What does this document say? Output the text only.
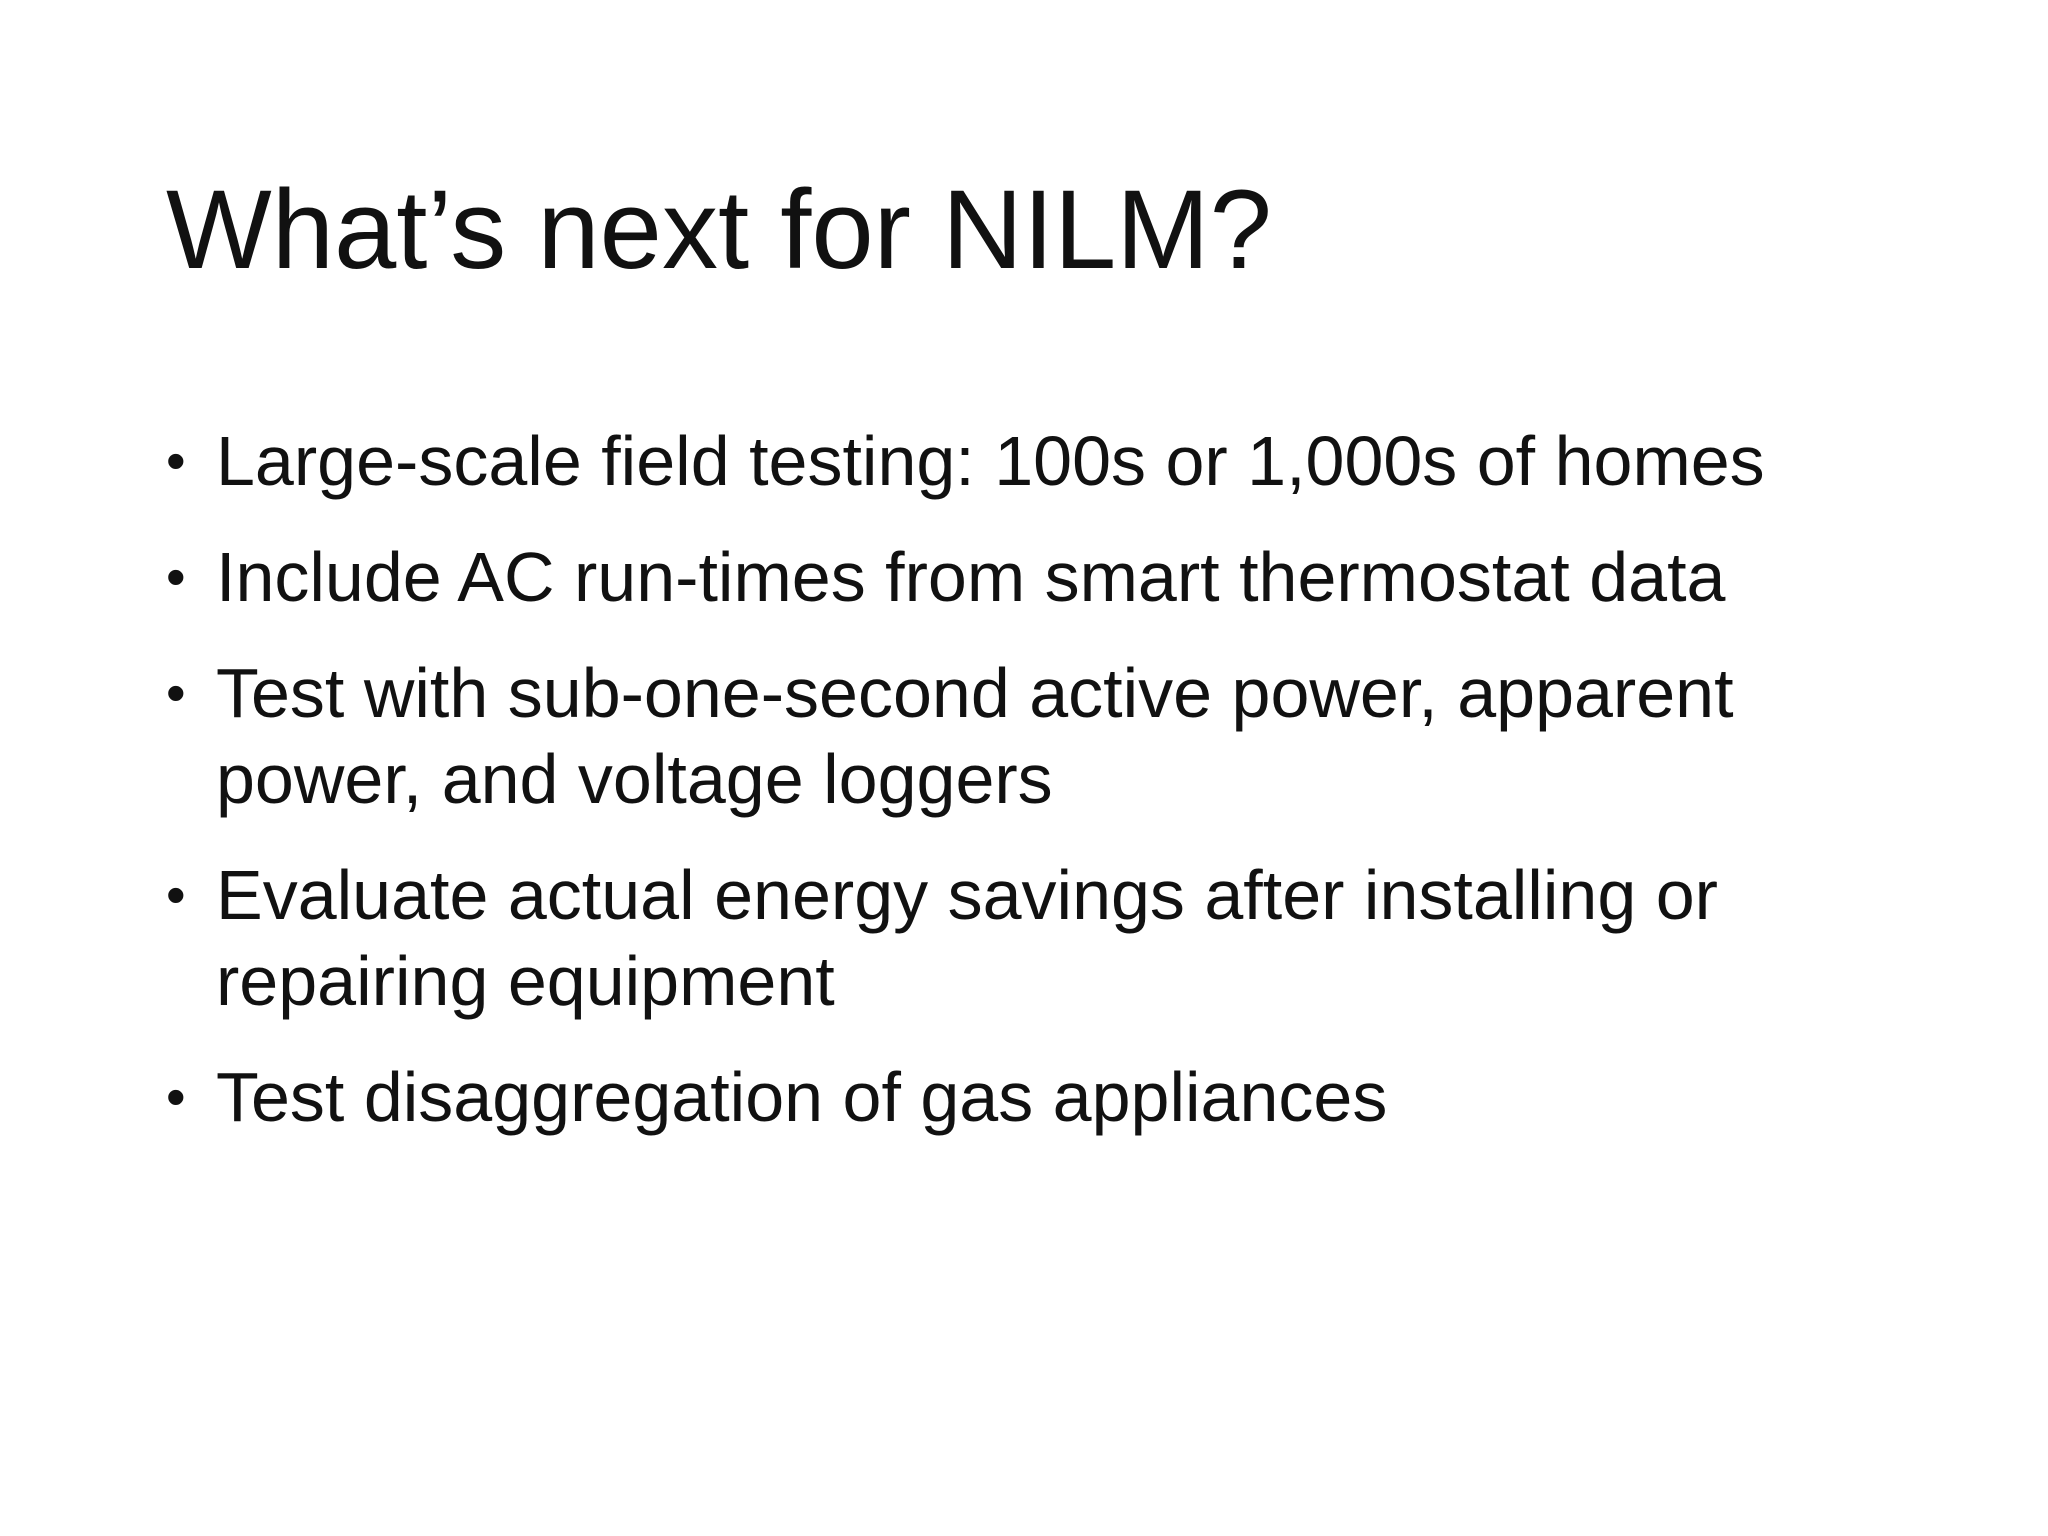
What’s next for NILM?
• Large-scale field testing: 100s or 1,000s of homes
• Include AC run-times from smart thermostat data
• Test with sub-one-second active power, apparent power, and voltage loggers
• Evaluate actual energy savings after installing or repairing equipment
• Test disaggregation of gas appliances
